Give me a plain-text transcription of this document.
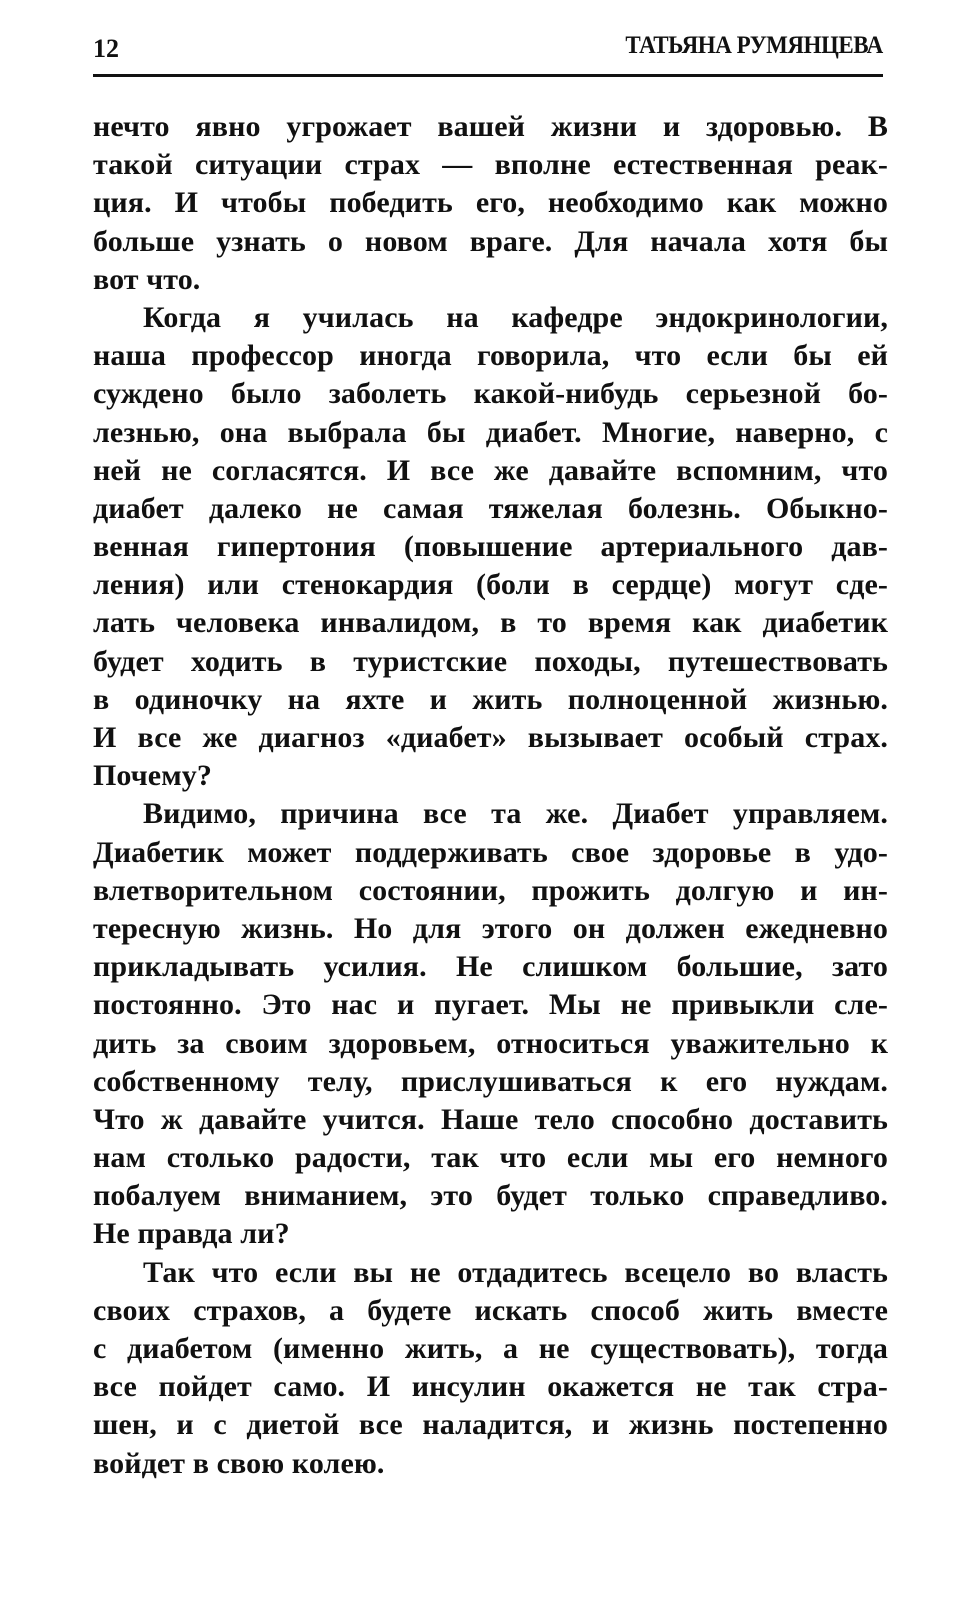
12	ТАТЬЯНА РУМЯНЦЕВА
нечто явно угрожает вашей жизни и здоровью. В
такой ситуации страх — вполне естественная реак-
ция. И чтобы победить его, необходимо как можно
больше узнать о новом враге. Для начала хотя бы
вот что.
Когда я училась на кафедре эндокринологии,
наша профессор иногда говорила, что если бы ей
суждено было заболеть какой-нибудь серьезной бо-
лезнью, она выбрала бы диабет. Многие, наверно, с
ней не согласятся. И все же давайте вспомним, что
диабет далеко не самая тяжелая болезнь. Обыкно-
венная гипертония (повышение артериального дав-
ления) или стенокардия (боли в сердце) могут сде-
лать человека инвалидом, в то время как диабетик
будет ходить в туристские походы, путешествовать
в одиночку на яхте и жить полноценной жизнью.
И все же диагноз «диабет» вызывает особый страх.
Почему?
Видимо, причина все та же. Диабет управляем.
Диабетик может поддерживать свое здоровье в удо-
влетворительном состоянии, прожить долгую и ин-
тересную жизнь. Но для этого он должен ежедневно
прикладывать усилия. Не слишком большие, зато
постоянно. Это нас и пугает. Мы не привыкли сле-
дить за своим здоровьем, относиться уважительно к
собственному телу, прислушиваться к его нуждам.
Что ж давайте учится. Наше тело способно доставить
нам столько радости, так что если мы его немного
побалуем вниманием, это будет только справедливо.
Не правда ли?
Так что если вы не отдадитесь всецело во власть
своих страхов, а будете искать способ жить вместе
с диабетом (именно жить, а не существовать), тогда
все пойдет само. И инсулин окажется не так стра-
шен, и с диетой все наладится, и жизнь постепенно
войдет в свою колею.
